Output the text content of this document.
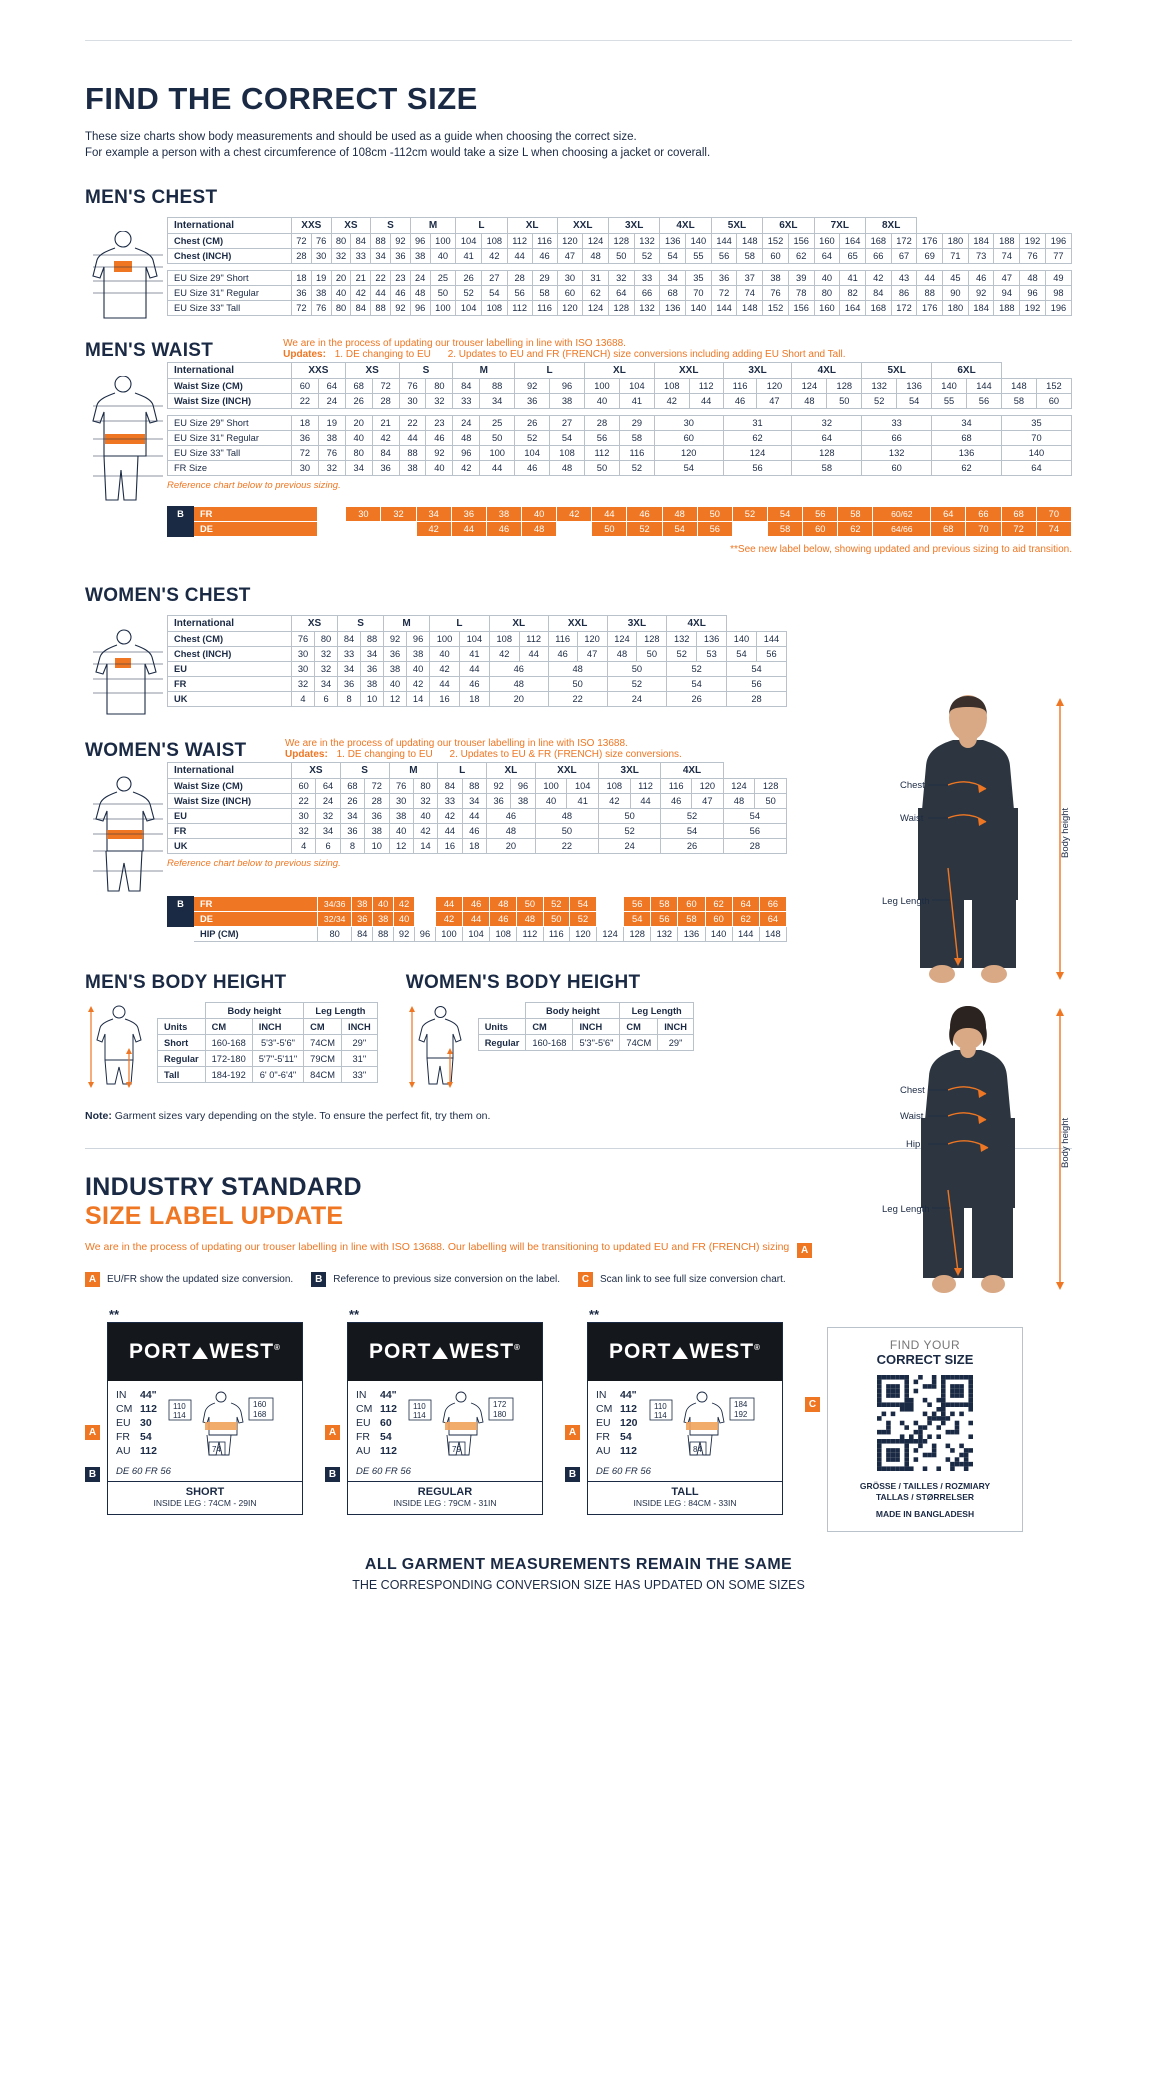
FIND THE CORRECT SIZE
These size charts show body measurements and should be used as a guide when choosing the correct size.
For example a person with a chest circumference of 108cm -112cm would take a size L when choosing a jacket or coverall.
MEN'S CHEST
International	XXS		XS		S		M		L		XL		XXL		3XL		4XL		5XL		6XL		7XL		8XL							
Chest (CM)	72	76	80	84	88	92	96	100	104	108	112	116	120	124	128	132	136	140	144	148	152	156	160	164	168	172	176	180	184	188	192	196
Chest (INCH)	28	30	32	33	34	36	38	40	41	42	44	46	47	48	50	52	54	55	56	58	60	62	64	65	66	67	69	71	73	74	76	77

EU Size 29" Short	18	19	20	21	22	23	24	25	26	27	28	29	30	31	32	33	34	35	36	37	38	39	40	41	42	43	44	45	46	47	48	49
EU Size 31" Regular	36	38	40	42	44	46	48	50	52	54	56	58	60	62	64	66	68	70	72	74	76	78	80	82	84	86	88	90	92	94	96	98
EU Size 33" Tall	72	76	80	84	88	92	96	100	104	108	112	116	120	124	128	132	136	140	144	148	152	156	160	164	168	172	176	180	184	188	192	196
MEN'S WAIST	We are in the process of updating our trouser labelling in line with ISO 13688.
Updates: 1. DE changing to EU 2. Updates to EU and FR (FRENCH) size conversions including adding EU Short and Tall.
International	XXS		XS		S		M		L		XL		XXL		3XL		4XL		5XL		6XL			
Waist Size (CM)	60	64	68	72	76	80	84	88	92	96	100	104	108	112	116	120	124	128	132	136	140	144	148	152
Waist Size (INCH)	22	24	26	28	30	32	33	34	36	38	40	41	42	44	46	47	48	50	52	54	55	56	58	60

EU Size 29" Short	18	19	20	21	22	23	24	25	26	27	28	29	30		31		32		33		34		35	
EU Size 31" Regular	36	38	40	42	44	46	48	50	52	54	56	58	60		62		64		66		68		70	
EU Size 33" Tall	72	76	80	84	88	92	96	100	104	108	112	116	120		124		128		132		136		140	
FR Size	30	32	34	36	38	40	42	44	46	48	50	52	54		56		58		60		62		64	
Reference chart below to previous sizing.
B	FR			30	32	34	36	38	40	42	44	46	48	50	52	54	56	58	60/62	64	66	68	70
	DE					42	44	46	48		50	52	54	56		58	60	62	64/66	68	70	72	74
**See new label below, showing updated and previous sizing to aid transition.
WOMEN'S CHEST
International	XS		S		M		L		XL		XXL		3XL		4XL			
Chest (CM)	76	80	84	88	92	96	100	104	108	112	116	120	124	128	132	136	140	144
Chest (INCH)	30	32	33	34	36	38	40	41	42	44	46	47	48	50	52	53	54	56
EU	30	32	34	36	38	40	42	44	46		48		50		52		54	
FR	32	34	36	38	40	42	44	46	48		50		52		54		56	
UK	4	6	8	10	12	14	16	18	20		22		24		26		28	
WOMEN'S WAIST	We are in the process of updating our trouser labelling in line with ISO 13688.
Updates: 1. DE changing to EU 2. Updates to EU & FR (FRENCH) size conversions.
International	XS		S		M		L		XL		XXL		3XL		4XL			
Waist Size (CM)	60	64	68	72	76	80	84	88	92	96	100	104	108	112	116	120	124	128
Waist Size (INCH)	22	24	26	28	30	32	33	34	36	38	40	41	42	44	46	47	48	50
EU	30	32	34	36	38	40	42	44	46		48		50		52		54	
FR	32	34	36	38	40	42	44	46	48		50		52		54		56	
UK	4	6	8	10	12	14	16	18	20		22		24		26		28	
Reference chart below to previous sizing.
B	FR	34/36	38	40	42		44	46	48	50	52	54		56	58	60	62	64	66
	DE	32/34	36	38	40		42	44	46	48	50	52		54	56	58	60	62	64
	HIP (CM)	80	84	88	92	96	100	104	108	112	116	120	124	128	132	136	140	144	148
MEN'S BODY HEIGHT
	Body height		Leg Length	
Units	CM	INCH	CM	INCH
Short	160-168	5'3"-5'6"	74CM	29"
Regular	172-180	5'7"-5'11"	79CM	31"
Tall	184-192	6' 0"-6'4"	84CM	33"
WOMEN'S BODY HEIGHT
	Body height		Leg Length	
Units	CM	INCH	CM	INCH
Regular	160-168	5'3"-5'6"	74CM	29"
Note: Garment sizes vary depending on the style. To ensure the perfect fit, try them on.
INDUSTRY STANDARD
SIZE LABEL UPDATE
We are in the process of updating our trouser labelling in line with ISO 13688. Our labelling will be transitioning to updated EU and FR (FRENCH) sizing A
A	EU/FR show the updated size conversion.	B	Reference to previous size conversion on the label.	C	Scan link to see full size conversion chart.
**
PORT WEST®
IN	44"
CM 112
EU 30
FR 54
AU 112
110
114
160
168
74
DE 60 FR 56
SHORT
INSIDE LEG : 74CM - 29IN
A
B
**
PORT WEST®
IN	44"
CM 112
EU 60
FR 54
AU 112
110
114
172
180
79
DE 60 FR 56
REGULAR
INSIDE LEG : 79CM - 31IN
A
B
**
PORT WEST®
IN	44"
CM 112
EU 120
FR 54
AU 112
110
114
184
192
84
DE 60 FR 56
TALL
INSIDE LEG : 84CM - 33IN
A
B
FIND YOUR
CORRECT SIZE
GRÖSSE / TAILLES / ROZMIARY
TALLAS / STØRRELSER
MADE IN BANGLADESH
C
ALL GARMENT MEASUREMENTS REMAIN THE SAME
THE CORRESPONDING CONVERSION SIZE HAS UPDATED ON SOME SIZES
Chest
Waist
Leg Length
Body height
Chest
Waist
Hip
Leg Length
Body height
